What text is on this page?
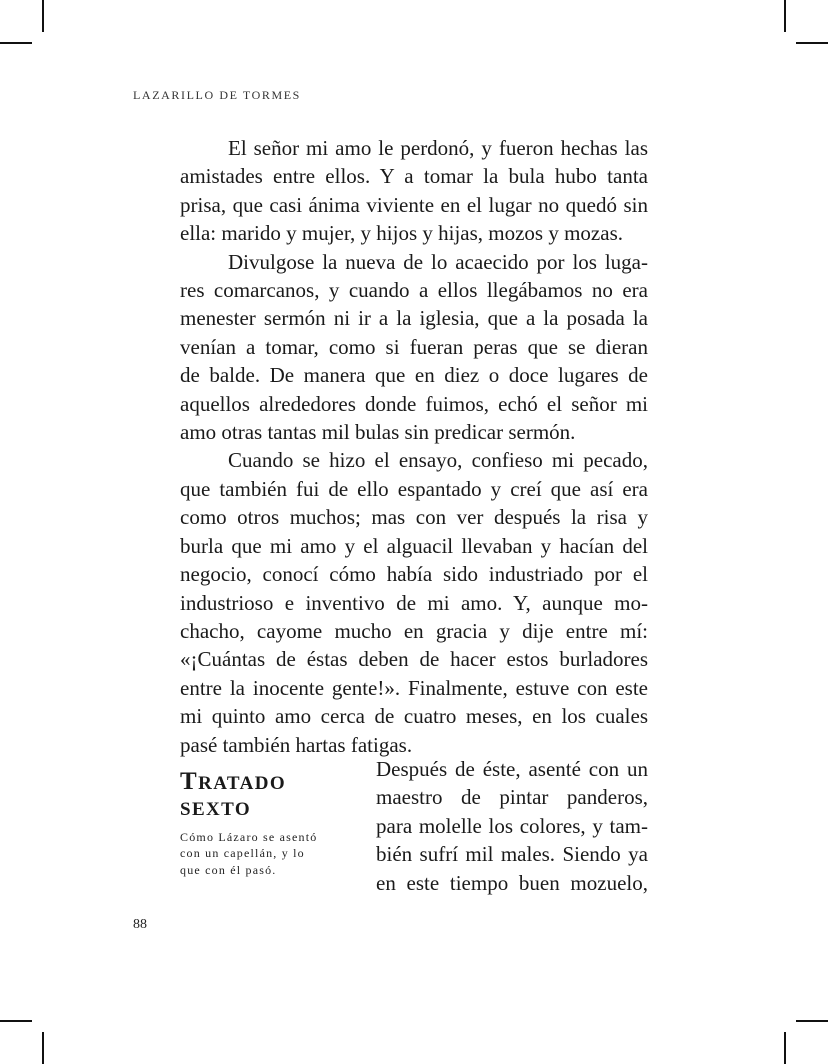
LAZARILLO DE TORMES
El señor mi amo le perdonó, y fueron hechas las
amistades entre ellos. Y a tomar la bula hubo tanta
prisa, que casi ánima viviente en el lugar no quedó sin
ella: marido y mujer, y hijos y hijas, mozos y mozas.
Divulgose la nueva de lo acaecido por los luga-
res comarcanos, y cuando a ellos llegábamos no era
menester sermón ni ir a la iglesia, que a la posada la
venían a tomar, como si fueran peras que se dieran
de balde. De manera que en diez o doce lugares de
aquellos alrededores donde fuimos, echó el señor mi
amo otras tantas mil bulas sin predicar sermón.
Cuando se hizo el ensayo, confieso mi pecado,
que también fui de ello espantado y creí que así era
como otros muchos; mas con ver después la risa y
burla que mi amo y el alguacil llevaban y hacían del
negocio, conocí cómo había sido industriado por el
industrioso e inventivo de mi amo. Y, aunque mo-
chacho, cayome mucho en gracia y dije entre mí:
«¡Cuántas de éstas deben de hacer estos burladores
entre la inocente gente!». Finalmente, estuve con este
mi quinto amo cerca de cuatro meses, en los cuales
pasé también hartas fatigas.
TRATADO
SEXTO
Cómo Lázaro se asentó
con un capellán, y lo
que con él pasó.
Después de éste, asenté con un
maestro de pintar panderos,
para molelle los colores, y tam-
bién sufrí mil males. Siendo ya
en este tiempo buen mozuelo,
88
